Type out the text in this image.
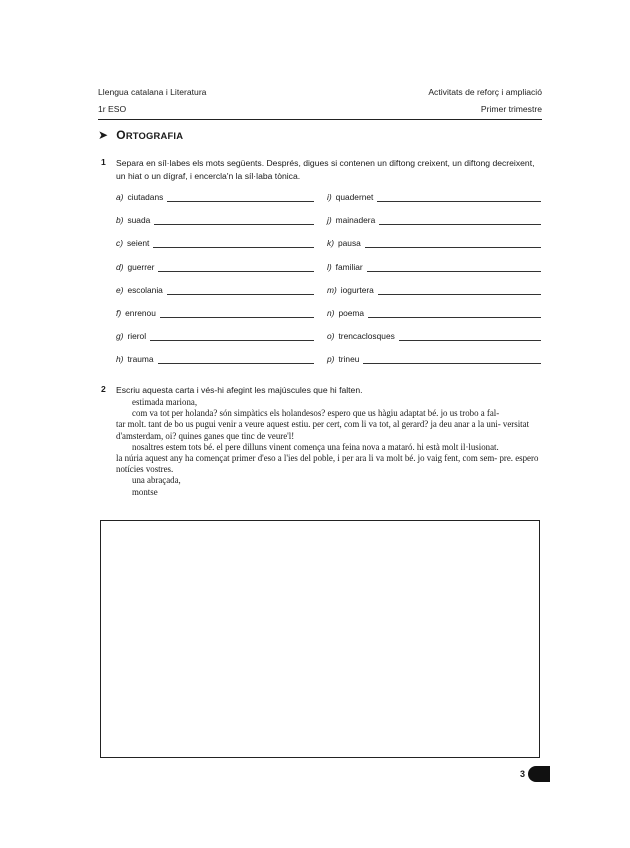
Llengua catalana i Literatura	Activitats de reforç i ampliació
1r ESO	Primer trimestre
➤ ORTOGRAFIA
1 Separa en síl·labes els mots següents. Després, digues si contenen un diftong creixent, un diftong decreixent, un hiat o un dígraf, i encercla'n la síl·laba tònica.
a) ciutadans
b) suada
c) seient
d) guerrer
e) escolania
f) enrenou
g) rierol
h) trauma
i) quadernet
j) mainadera
k) pausa
l) familiar
m) iogurtera
n) poema
o) trencaclosques
p) trineu
2 Escriu aquesta carta i vés-hi afegint les majúscules que hi falten.
estimada mariona,
com va tot per holanda? són simpàtics els holandesos? espero que us hàgiu adaptat bé. jo us trobo a fal-
tar molt. tant de bo us pugui venir a veure aquest estiu. per cert, com li va tot, al gerard? ja deu anar a la uni- versitat d'amsterdam, oi? quines ganes que tinc de veure'l!
nosaltres estem tots bé. el pere dilluns vinent comença una feina nova a mataró. hi està molt il·lusionat.
la núria aquest any ha començat primer d'eso a l'ies del poble, i per ara li va molt bé. jo vaig fent, com sem- pre. espero notícies vostres.
una abraçada,
montse
3
